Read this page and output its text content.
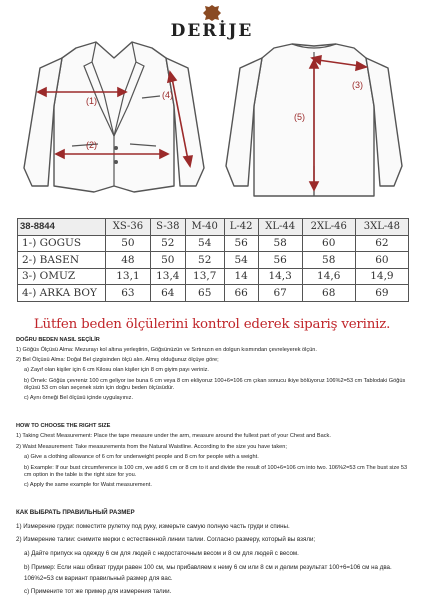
DERİJE
(1)
(2)
(4)
(3)
(5)
38-8844	XS-36	S-38	M-40	L-42	XL-44	2XL-46	3XL-48
1-) GOGUS	50	52	54	56	58	60	62
2-) BASEN	48	50	52	54	56	58	60
3-) OMUZ	13,1	13,4	13,7	14	14,3	14,6	14,9
4-) ARKA BOY	63	64	65	66	67	68	69
Lütfen beden ölçülerini kontrol ederek sipariş veriniz.

DOĞRU BEDEN NASIL SEÇİLİR

1) Göğüs Ölçüsü Alma: Mezurayı kol altına yerleştirin, Göğsünüzün ve Sırtınızın en dolgun kısmından çevreleyerek ölçün.

2) Bel Ölçüsü Alma: Doğal Bel çizgisinden ölçü alın. Almış olduğunuz ölçüye göre;

a) Zayıf olan kişiler için 6 cm Kilosu olan kişiler için 8 cm giyim payı veriniz.

b) Örnek: Göğüs çevreniz 100 cm geliyor ise buna 6 cm veya 8 cm ekliyoruz 100+6=106 cm çıkan sonucu ikiye bölüyoruz 106%2=53 cm Tablodaki Göğüs ölçüsü 53 cm olan seçenek sizin için doğru beden ölçüsüdür.

c) Aynı örneği Bel ölçüsü içinde uygulayınız.

HOW TO CHOOSE THE RIGHT SIZE

1) Taking Chest Measurement: Place the tape measure under the arm, measure around the fullest part of your Chest and Back.

2) Waist Measurement: Take measurements from the Natural Waistline. According to the size you have taken;

a) Give a clothing allowance of 6 cm for underweight people and 8 cm for people with a weight.

b) Example: If our bust circumference is 100 cm, we add 6 cm or 8 cm to it and divide the result of 100+6=106 cm into two. 106%2=53 cm The bust size 53 cm option in the table is the right size for you.

c) Apply the same example for Waist measurement.

КАК ВЫБРАТЬ ПРАВИЛЬНЫЙ РАЗМЕР

1) Измерение груди: поместите рулетку под руку, измерьте самую полную часть груди и спины.

2) Измерение талии: снимите мерки с естественной линии талии. Согласно размеру, который вы взяли;

а) Дайте припуск на одежду 6 см для людей с недостаточным весом и 8 см для людей с весом.

b) Пример: Если наш обхват груди равен 100 см, мы прибавляем к нему 6 см или 8 см и делим результат 100+6=106 см на два. 106%2=53 см вариант правильный размер для вас.

c) Примените тот же пример для измерения талии.
